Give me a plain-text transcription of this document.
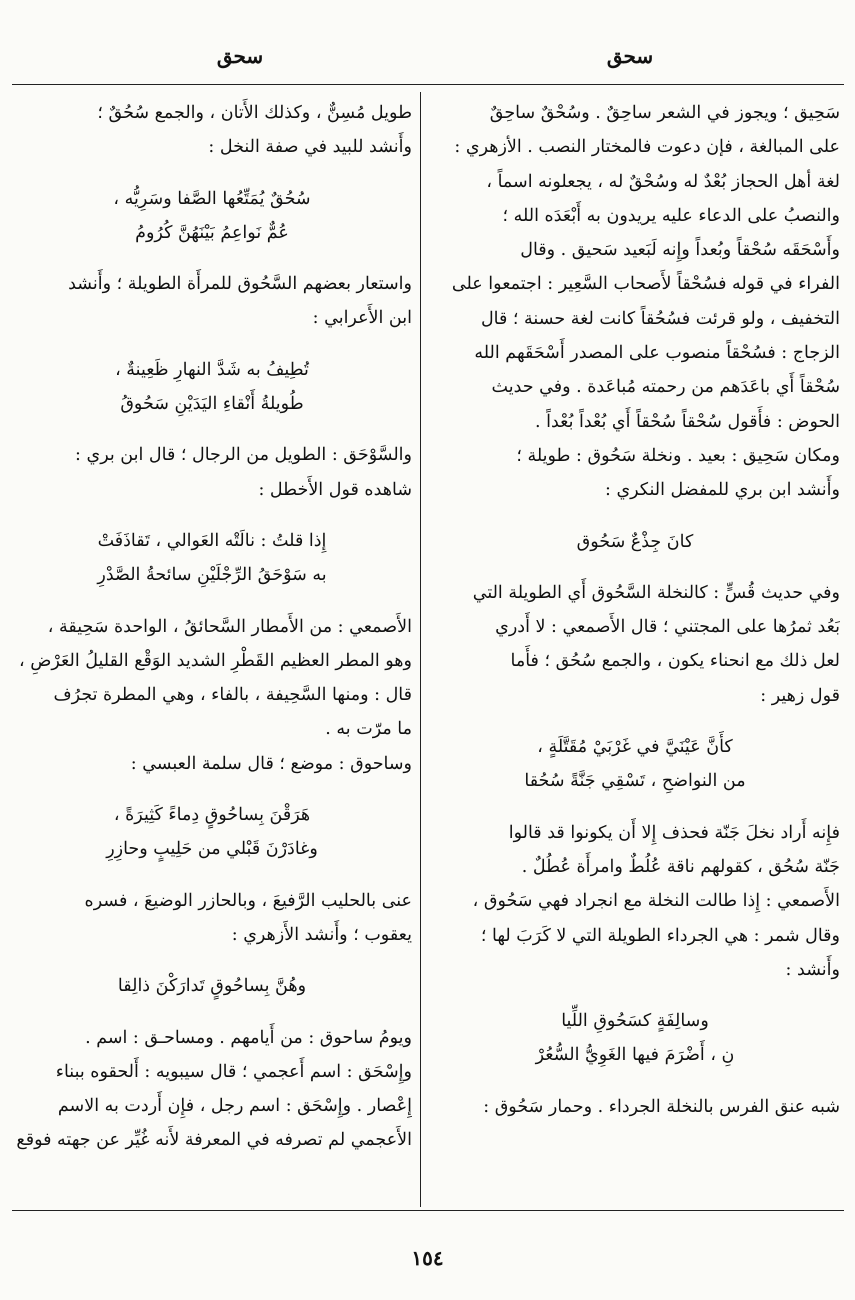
سحق
سحق
سَحِيق ؛ ويجوز في الشعر ساحِقٌ . وسُحْقٌ ساحِقٌ
على المبالغة ، فإن دعوت فالمختار النصب . الأزهري :
لغة أهل الحجاز بُعْدٌ له وسُحْقٌ له ، يجعلونه اسماً ،
والنصبُ على الدعاء عليه يريدون به أَبْعَدَه الله ؛
وأَسْحَقَه سُحْقاً وبُعداً وإِنه لَبَعيد سَحيق . وقال
الفراء في قوله فسُحْقاً لأَصحاب السَّعِير : اجتمعوا على
التخفيف ، ولو قرئت فسُحُقاً كانت لغة حسنة ؛ قال
الزجاج : فسُحْقاً منصوب على المصدر أَسْحَقَهم الله
سُحْقاً أَي باعَدَهم من رحمته مُباعَدة . وفي حديث
الحوض : فأَقول سُحْقاً سُحْقاً أَي بُعْداً بُعْداً .
ومكان سَحِيق : بعيد . ونخلة سَحُوق : طويلة ؛
وأَنشد ابن بري للمفضل النكري :
كانَ جِذْعٌ سَحُوق
وفي حديث قُسٍّ : كالنخلة السَّحُوق أَي الطويلة التي
بَعُد ثمرُها على المجتني ؛ قال الأَصمعي : لا أَدري
لعل ذلك مع انحناء يكون ، والجمع سُحُق ؛ فأَما
قول زهير :
كأَنَّ عَيْنَيَّ في غَرْبَيْ مُقَتَّلَةٍ ،
من النواضحِ ، تَسْقِي جَنَّةً سُحُقا
فإِنه أَراد نخلَ جَنّة فحذف إِلا أَن يكونوا قد قالوا
جَنّة سُحُق ، كقولهم ناقة عُلُطٌ وامرأَة عُطُلٌ .
الأَصمعي : إِذا طالت النخلة مع انجراد فهي سَحُوق ،
وقال شمر : هي الجرداء الطويلة التي لا كَرَبَ لها ؛
وأَنشد :
وسالِفَةٍ كسَحُوقِ اللِّيا
نِ ، أَضْرَمَ فيها الغَوِيُّ السُّعُرْ
شبه عنق الفرس بالنخلة الجرداء . وحمار سَحُوق :
طويل مُسِنٌّ ، وكذلك الأَتان ، والجمع سُحُقٌ ؛
وأَنشد للبيد في صفة النخل :
سُحُقٌ يُمَتِّعُها الصَّفا وسَرِيُّه ،
عُمٌّ نَواعِمُ بَيْنَهُنَّ كُرُومُ
واستعار بعضهم السَّحُوق للمرأَة الطويلة ؛ وأَنشد
ابن الأَعرابي :
تُطِيفُ به شَدَّ النهارِ ظَعِينةٌ ،
طُويلةُ أَنْقاءِ اليَدَيْنِ سَحُوقُ
والسَّوْحَق : الطويل من الرجال ؛ قال ابن بري :
شاهده قول الأَخطل :
إِذا قلتُ : نالَتْه العَوالي ، تَقاذَفَتْ
به سَوْحَقُ الرِّجْلَيْنِ سائحةُ الصَّدْرِ
الأَصمعي : من الأَمطار السَّحائقُ ، الواحدة سَحِيقة ،
وهو المطر العظيم القَطْرِ الشديد الوَقْع القليلُ العَرْضِ ،
قال : ومنها السَّحِيفة ، بالفاء ، وهي المطرة تجرُف
ما مرّت به .
وساحوق : موضع ؛ قال سلمة العبسي :
هَرَقْنَ بِساحُوقٍ دِماءً كَثِيرَةً ،
وغادَرْنَ قَبْلي من حَلِيبٍ وحازِرِ
عنى بالحليب الرَّفيعَ ، وبالحازر الوضيعَ ، فسره
يعقوب ؛ وأَنشد الأَزهري :
وهُنَّ بِساحُوقٍ تَدارَكْنَ ذالِقا
ويومُ ساحوق : من أَيامهم . ومساحـق : اسم .
وإِسْحَق : اسم أَعجمي ؛ قال سيبويه : أَلحقوه ببناء
إِعْصار . وإِسْحَق : اسم رجل ، فإِن أَردت به الاسم
الأَعجمي لم تصرفه في المعرفة لأَنه غُيِّر عن جهته فوقع
١٥٤
